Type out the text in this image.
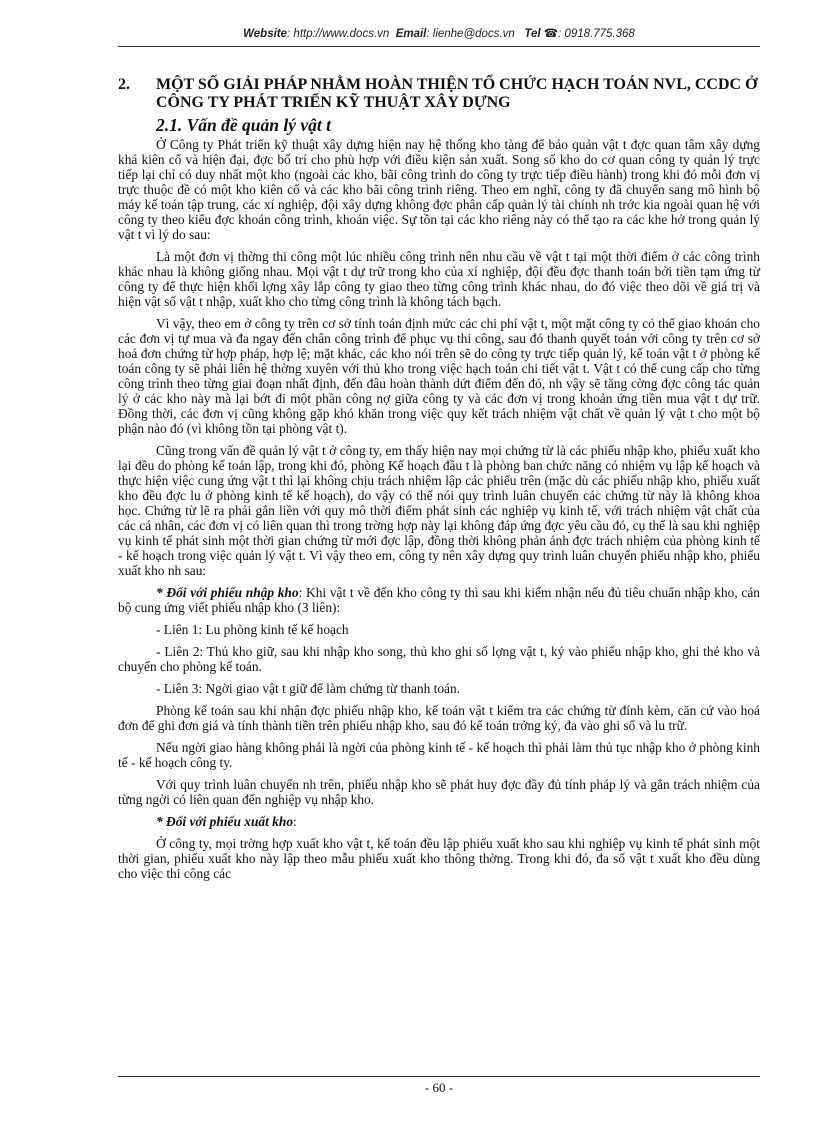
Website: http://www.docs.vn Email: lienhe@docs.vn Tel ☎: 0918.775.368
2.	MỘT SỐ GIẢI PHÁP NHẰM HOÀN THIỆN TỔ CHỨC HẠCH TOÁN NVL, CCDC Ở CÔNG TY PHÁT TRIỂN KỸ THUẬT XÂY DỰNG
2.1. Vấn đề quản lý vật t

Ở Công ty Phát triển kỹ thuật xây dựng hiện nay hệ thống kho tàng để bảo quản vật t đợc quan tâm xây dựng khá kiên cố và hiện đại, đợc bố trí cho phù hợp với điều kiện sản xuất. Song số kho do cơ quan công ty quản lý trực tiếp lại chỉ có duy nhất một kho (ngoài các kho, bãi công trình do công ty trực tiếp điều hành) trong khi đó mỗi đơn vị trực thuộc đề có một kho kiên cố và các kho bãi công trình riêng. Theo em nghĩ, công ty đã chuyển sang mô hình bộ máy kế toán tập trung, các xí nghiệp, đội xây dựng không đợc phân cấp quản lý tài chính nh trớc kia ngoài quan hệ với công ty theo kiểu đợc khoán công trình, khoán việc. Sự tồn tại các kho riêng này có thể tạo ra các khe hở trong quản lý vật t vì lý do sau:

Là một đơn vị thờng thi công một lúc nhiều công trình nên nhu cầu về vật t tại một thời điểm ở các công trình khác nhau là không giống nhau. Mọi vật t dự trữ trong kho của xí nghiệp, đội đều đợc thanh toán bởi tiền tạm ứng từ công ty để thực hiện khối lợng xây lắp công ty giao theo từng công trình khác nhau, do đó việc theo dõi về giá trị và hiện vật số vật t nhập, xuất kho cho từng công trình là không tách bạch.

Vì vậy, theo em ở công ty trên cơ sở tính toán định mức các chi phí vật t, một mặt công ty có thể giao khoán cho các đơn vị tự mua và đa ngay đến chân công trình để phục vụ thi công, sau đó thanh quyết toán với công ty trên cơ sở hoá đơn chứng từ hợp pháp, hợp lệ; mặt khác, các kho nói trên sẽ do công ty trực tiếp quản lý, kế toán vật t ở phòng kế toán công ty sẽ phải liên hệ thờng xuyên với thủ kho trong việc hạch toán chi tiết vật t. Vật t có thể cung cấp cho từng công trình theo từng giai đoạn nhất định, đến đâu hoàn thành dứt điểm đến đó, nh vậy sẽ tăng cờng đợc công tác quản lý ở các kho này mà lại bớt đi một phần công nợ giữa công ty và các đơn vị trong khoản ứng tiền mua vật t dự trữ. Đồng thời, các đơn vị cũng không gặp khó khăn trong việc quy kết trách nhiệm vật chất về quản lý vật t cho một bộ phận nào đó (vì không tồn tại phòng vật t).

Cũng trong vấn đề quản lý vật t ở công ty, em thấy hiện nay mọi chứng từ là các phiếu nhập kho, phiếu xuất kho lại đều do phòng kế toán lập, trong khi đó, phòng Kế hoạch đầu t là phòng ban chức năng có nhiệm vụ lập kế hoạch và thực hiện việc cung ứng vật t thì lại không chịu trách nhiệm lập các phiếu trên (mặc dù các phiếu nhập kho, phiếu xuất kho đều đợc lu ở phòng kinh tế kế hoạch), do vậy có thể nói quy trình luân chuyển các chứng từ này là không khoa học. Chứng từ lẽ ra phải gắn liền với quy mô thời điểm phát sinh các nghiệp vụ kinh tế, với trách nhiệm vật chất của các cá nhân, các đơn vị có liên quan thì trong trờng hợp này lại không đáp ứng đợc yêu cầu đó, cụ thể là sau khi nghiệp vụ kinh tế phát sinh một thời gian chứng từ mới đợc lập, đồng thời không phản ánh đợc trách nhiệm của phòng kinh tế - kế hoạch trong việc quản lý vật t. Vì vậy theo em, công ty nên xây dựng quy trình luân chuyển phiếu nhập kho, phiếu xuất kho nh sau:

* Đối với phiếu nhập kho: Khi vật t về đến kho công ty thì sau khi kiểm nhận nếu đủ tiêu chuẩn nhập kho, cán bộ cung ứng viết phiếu nhập kho (3 liên):

- Liên 1: Lu phòng kinh tế kế hoạch

- Liên 2: Thủ kho giữ, sau khi nhập kho song, thủ kho ghi số lợng vật t, ký vào phiếu nhập kho, ghi thẻ kho và chuyển cho phòng kế toán.

- Liên 3: Ngời giao vật t giữ để làm chứng từ thanh toán.

Phòng kế toán sau khi nhận đợc phiếu nhập kho, kế toán vật t kiểm tra các chứng từ đính kèm, căn cứ vào hoá đơn để ghi đơn giá và tính thành tiền trên phiếu nhập kho, sau đó kế toán trởng ký, đa vào ghi sổ và lu trữ.

Nếu ngời giao hàng không phải là ngời của phòng kinh tế - kế hoạch thì phải làm thủ tục nhập kho ở phòng kinh tế - kế hoạch công ty.

Với quy trình luân chuyển nh trên, phiếu nhập kho sẽ phát huy đợc đầy đủ tính pháp lý và gắn trách nhiệm của từng ngời có liên quan đến nghiệp vụ nhập kho.

* Đối với phiếu xuất kho:

Ở công ty, mọi trờng hợp xuất kho vật t, kế toán đều lập phiếu xuất kho sau khi nghiệp vụ kinh tế phát sinh một thời gian, phiếu xuất kho này lập theo mẫu phiếu xuất kho thông thờng. Trong khi đó, đa số vật t xuất kho đều dùng cho việc thi công các

- 60 -
